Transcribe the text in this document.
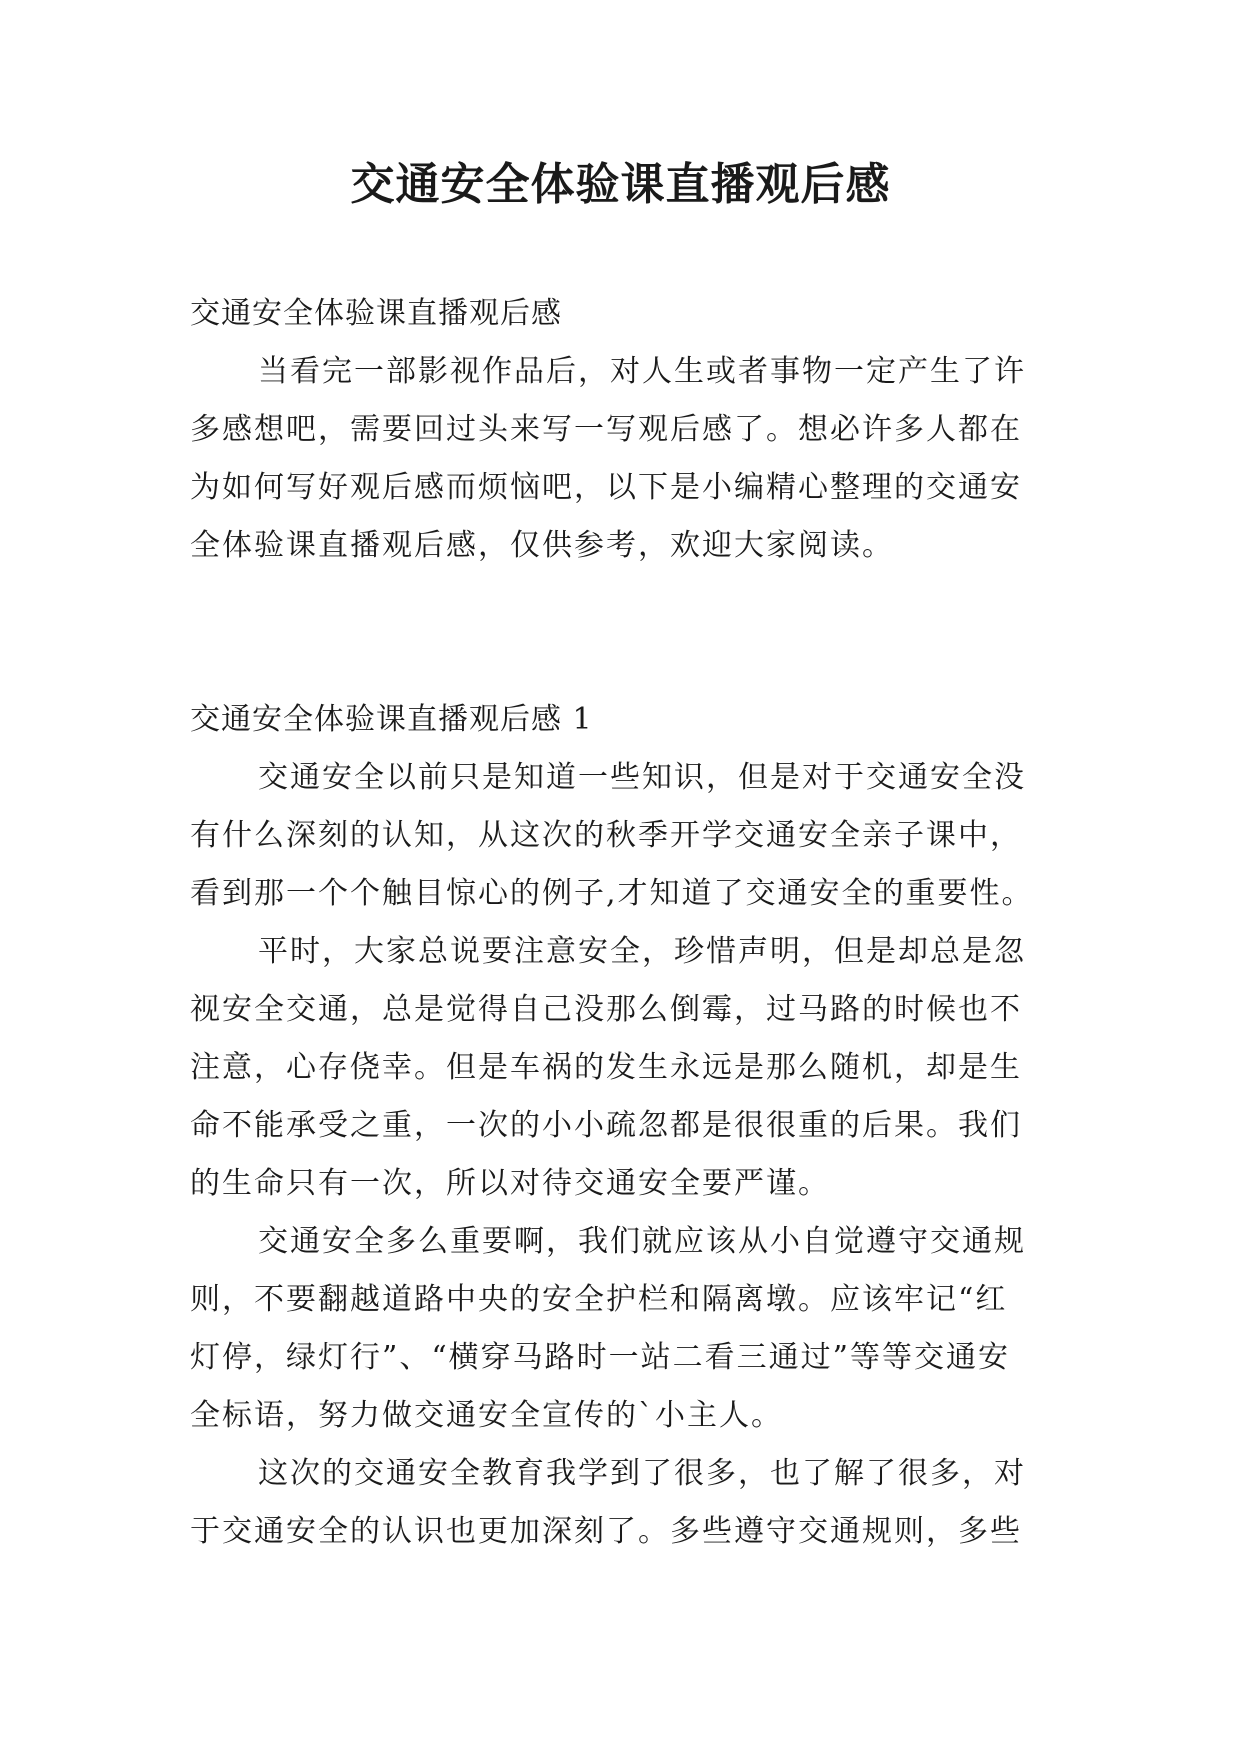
交通安全体验课直播观后感
交通安全体验课直播观后感
当看完一部影视作品后，对人生或者事物一定产生了许
多感想吧，需要回过头来写一写观后感了。想必许多人都在
为如何写好观后感而烦恼吧，以下是小编精心整理的交通安
全体验课直播观后感，仅供参考，欢迎大家阅读。
交通安全体验课直播观后感 1
交通安全以前只是知道一些知识，但是对于交通安全没
有什么深刻的认知，从这次的秋季开学交通安全亲子课中，
看到那一个个触目惊心的例子,才知道了交通安全的重要性。
平时，大家总说要注意安全，珍惜声明，但是却总是忽
视安全交通，总是觉得自己没那么倒霉，过马路的时候也不
注意，心存侥幸。但是车祸的发生永远是那么随机，却是生
命不能承受之重，一次的小小疏忽都是很很重的后果。我们
的生命只有一次，所以对待交通安全要严谨。
交通安全多么重要啊，我们就应该从小自觉遵守交通规
则，不要翻越道路中央的安全护栏和隔离墩。应该牢记“红
灯停，绿灯行”、“横穿马路时一站二看三通过”等等交通安
全标语，努力做交通安全宣传的`小主人。
这次的交通安全教育我学到了很多，也了解了很多，对
于交通安全的认识也更加深刻了。多些遵守交通规则，多些
